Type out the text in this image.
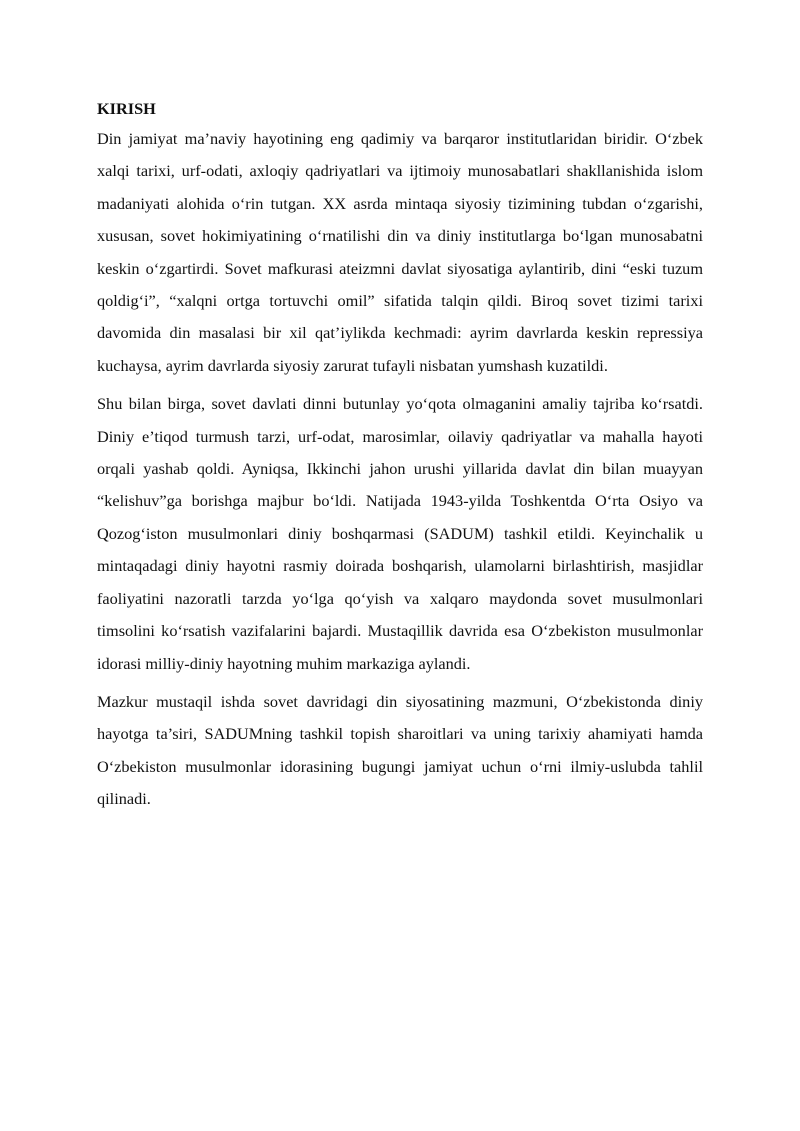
KIRISH

Din jamiyat ma’naviy hayotining eng qadimiy va barqaror institutlaridan biridir. O‘zbek xalqi tarixi, urf-odati, axloqiy qadriyatlari va ijtimoiy munosabatlari shakllanishida islom madaniyati alohida o‘rin tutgan. XX asrda mintaqa siyosiy tizimining tubdan o‘zgarishi, xususan, sovet hokimiyatining o‘rnatilishi din va diniy institutlarga bo‘lgan munosabatni keskin o‘zgartirdi. Sovet mafkurasi ateizmni davlat siyosatiga aylantirib, dini “eski tuzum qoldig‘i”, “xalqni ortga tortuvchi omil” sifatida talqin qildi. Biroq sovet tizimi tarixi davomida din masalasi bir xil qat’iylikda kechmadi: ayrim davrlarda keskin repressiya kuchaysa, ayrim davrlarda siyosiy zarurat tufayli nisbatan yumshash kuzatildi.

Shu bilan birga, sovet davlati dinni butunlay yo‘qota olmaganini amaliy tajriba ko‘rsatdi. Diniy e’tiqod turmush tarzi, urf-odat, marosimlar, oilaviy qadriyatlar va mahalla hayoti orqali yashab qoldi. Ayniqsa, Ikkinchi jahon urushi yillarida davlat din bilan muayyan “kelishuv”ga borishga majbur bo‘ldi. Natijada 1943-yilda Toshkentda O‘rta Osiyo va Qozog‘iston musulmonlari diniy boshqarmasi (SADUM) tashkil etildi. Keyinchalik u mintaqadagi diniy hayotni rasmiy doirada boshqarish, ulamolarni birlashtirish, masjidlar faoliyatini nazoratli tarzda yo‘lga qo‘yish va xalqaro maydonda sovet musulmonlari timsolini ko‘rsatish vazifalarini bajardi. Mustaqillik davrida esa O‘zbekiston musulmonlar idorasi milliy-diniy hayotning muhim markaziga aylandi.

Mazkur mustaqil ishda sovet davridagi din siyosatining mazmuni, O‘zbekistonda diniy hayotga ta’siri, SADUMning tashkil topish sharoitlari va uning tarixiy ahamiyati hamda O‘zbekiston musulmonlar idorasining bugungi jamiyat uchun o‘rni ilmiy-uslubda tahlil qilinadi.
